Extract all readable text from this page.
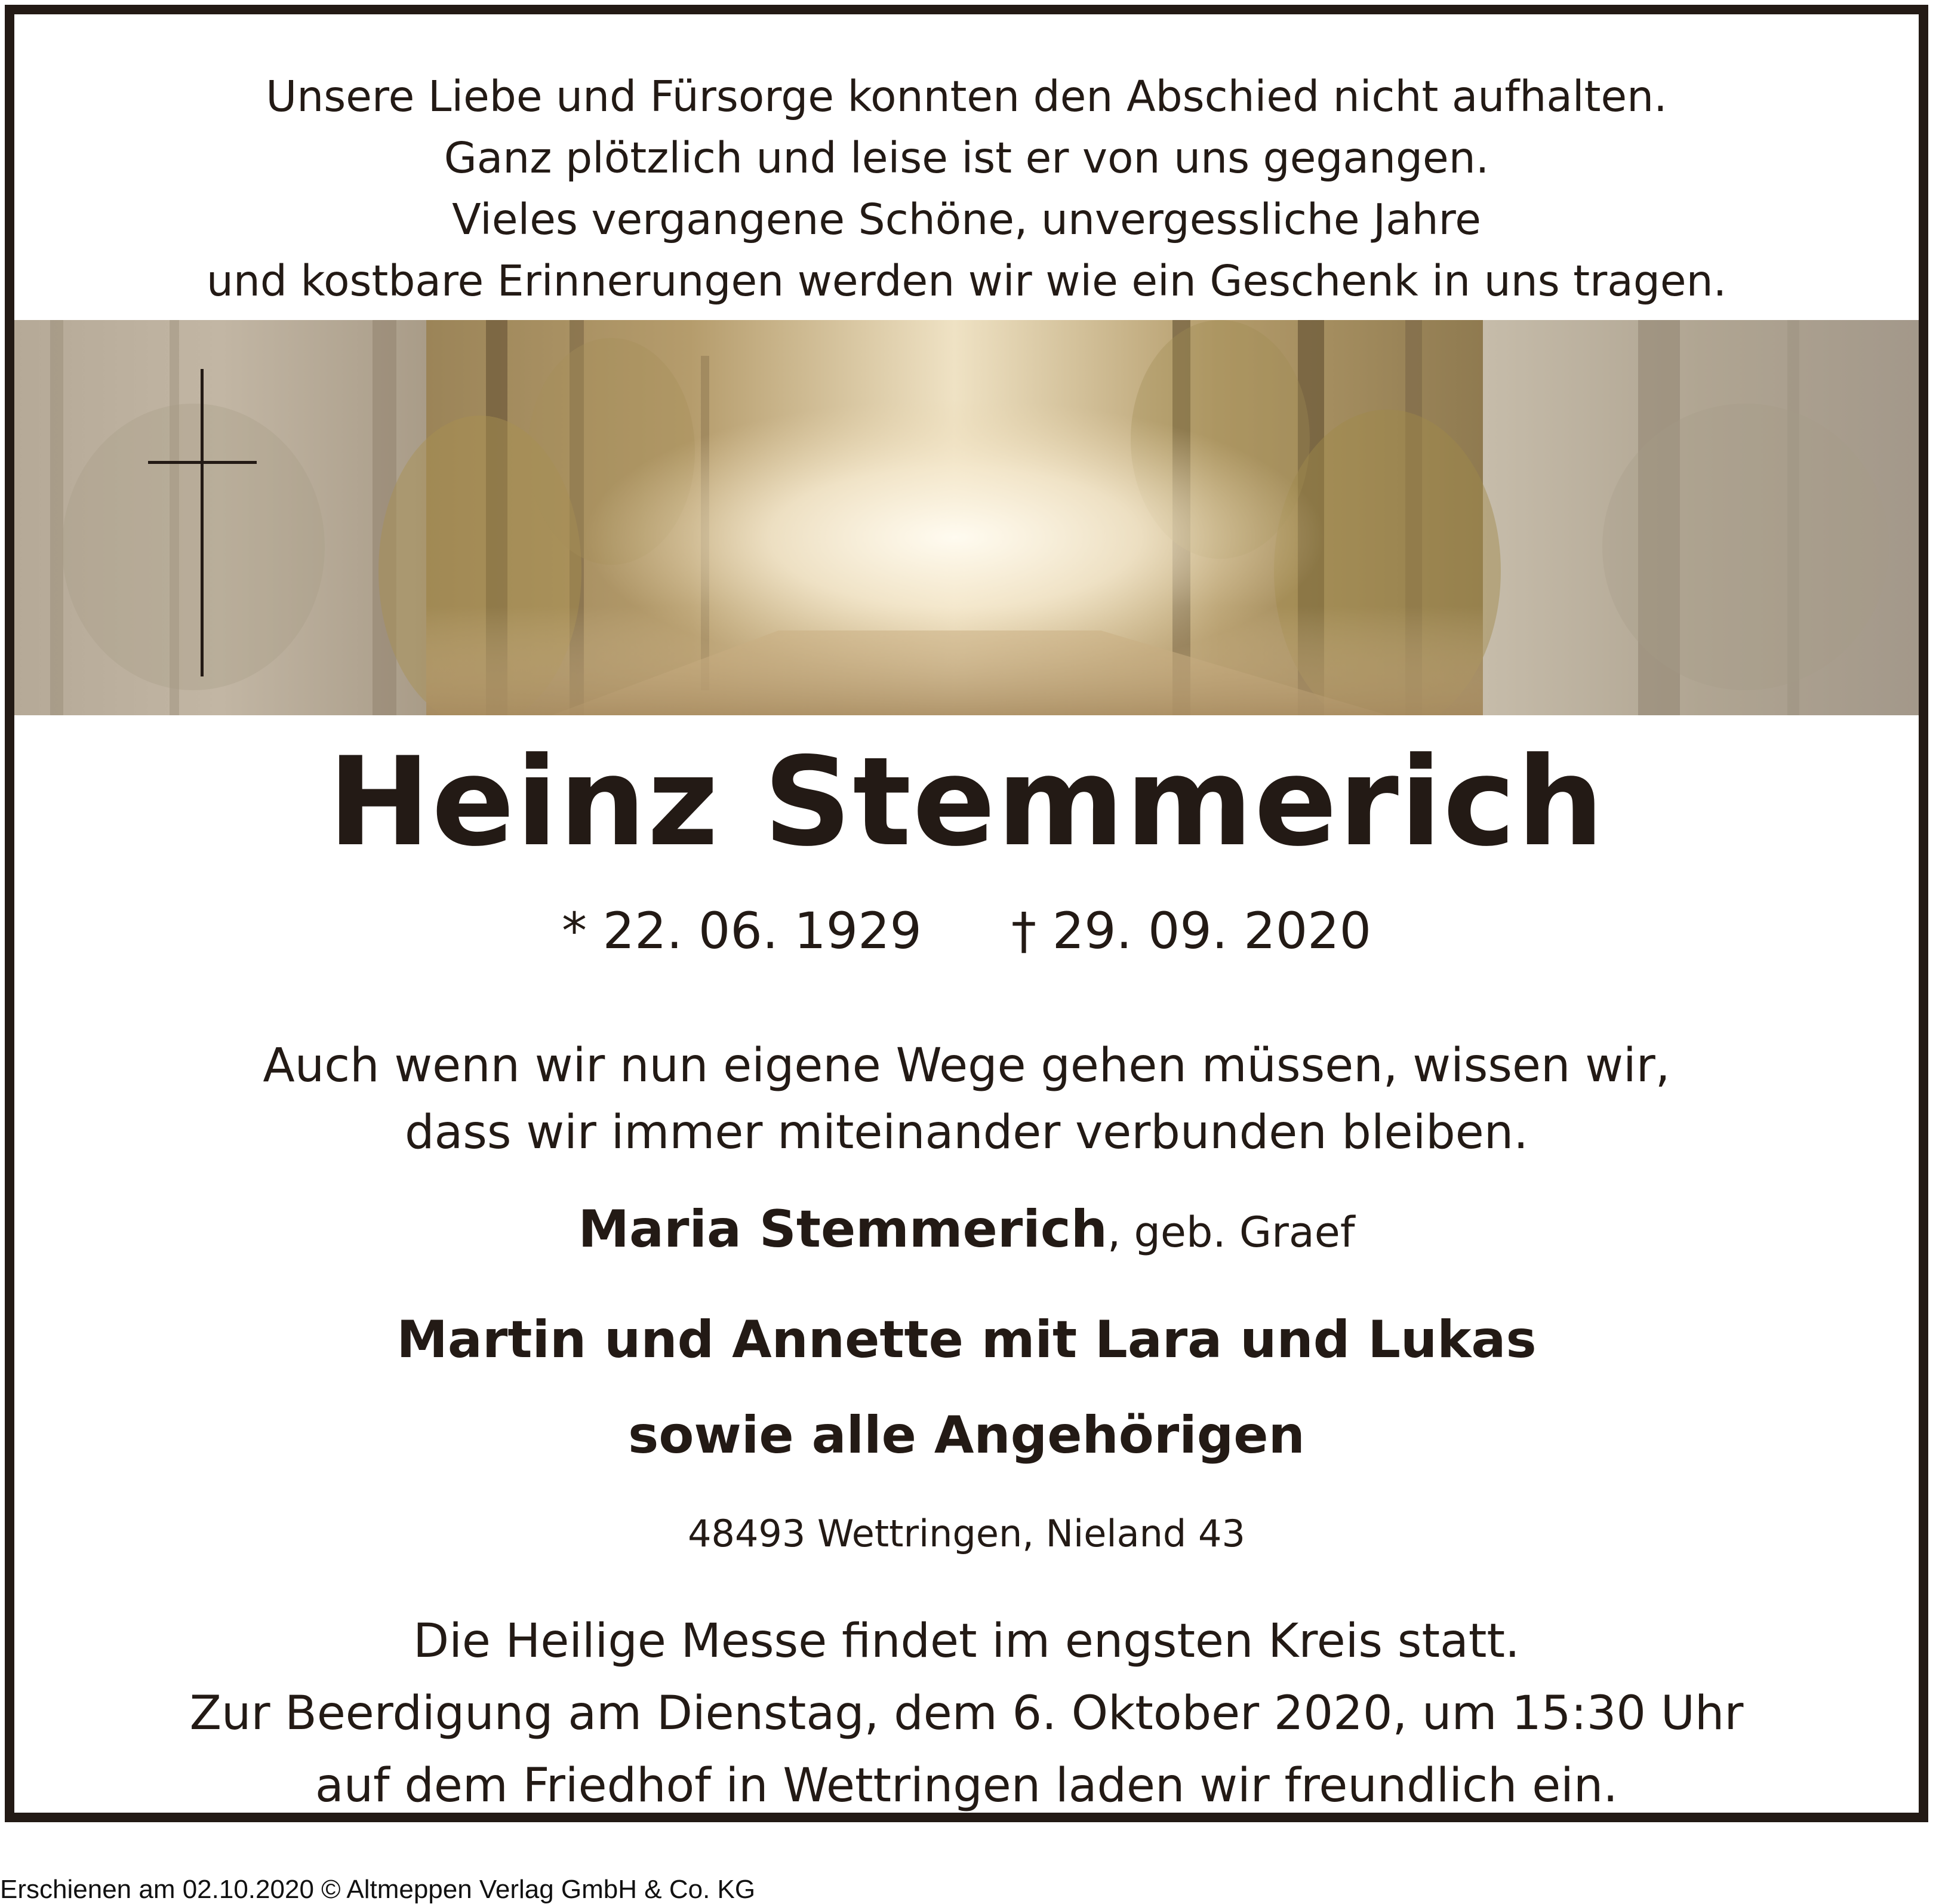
Unsere Liebe und Fürsorge konnten den Abschied nicht aufhalten.
Ganz plötzlich und leise ist er von uns gegangen.
Vieles vergangene Schöne, unvergessliche Jahre
und kostbare Erinnerungen werden wir wie ein Geschenk in uns tragen.
Heinz Stemmerich
* 22. 06. 1929 † 29. 09. 2020
Auch wenn wir nun eigene Wege gehen müssen, wissen wir,
dass wir immer miteinander verbunden bleiben.
Maria Stemmerich, geb. Graef
Martin und Annette mit Lara und Lukas
sowie alle Angehörigen
48493 Wettringen, Nieland 43
Die Heilige Messe findet im engsten Kreis statt.
Zur Beerdigung am Dienstag, dem 6. Oktober 2020, um 15:30 Uhr
auf dem Friedhof in Wettringen laden wir freundlich ein.
Erschienen am 02.10.2020 © Altmeppen Verlag GmbH & Co. KG
